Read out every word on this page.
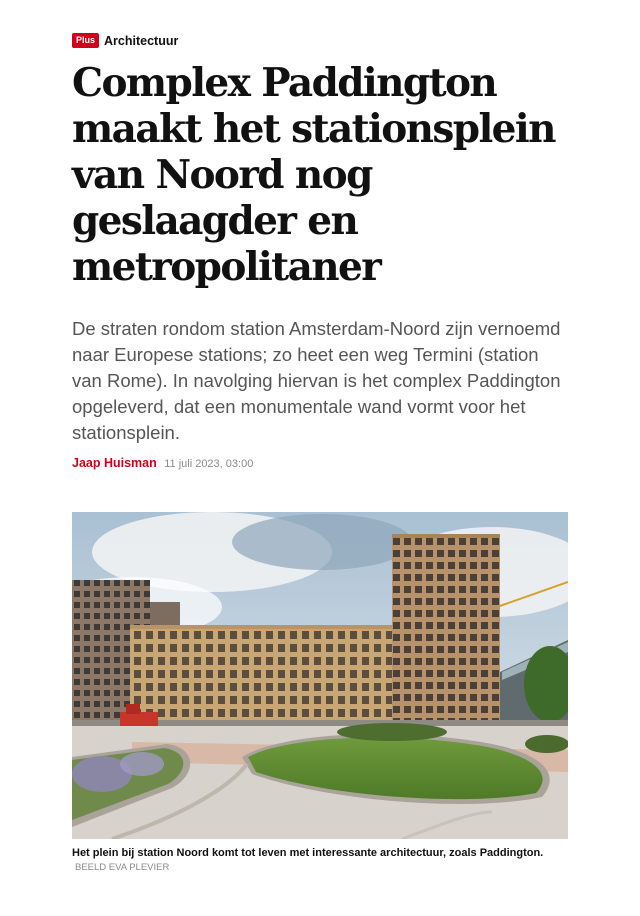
Plus Architectuur
Complex Paddington maakt het stationsplein van Noord nog geslaagder en metropolitaner

De straten rondom station Amsterdam-Noord zijn vernoemd naar Europese stations; zo heet een weg Termini (station van Rome). In navolging hiervan is het complex Paddington opgeleverd, dat een monumentale wand vormt voor het stationsplein.

Jaap Huisman 11 juli 2023, 03:00

Het plein bij station Noord komt tot leven met interessante architectuur, zoals Paddington. BEELD EVA PLEVIER
